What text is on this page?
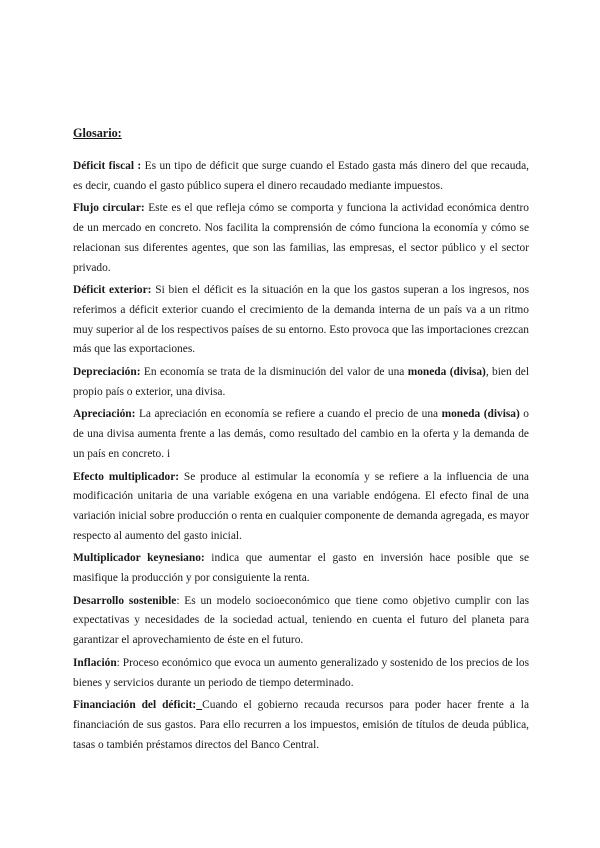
Glosario:

Déficit fiscal : Es un tipo de déficit que surge cuando el Estado gasta más dinero del que recauda, es decir, cuando el gasto público supera el dinero recaudado mediante impuestos.

Flujo circular: Este es el que refleja cómo se comporta y funciona la actividad económica dentro de un mercado en concreto. Nos facilita la comprensión de cómo funciona la economía y cómo se relacionan sus diferentes agentes, que son las familias, las empresas, el sector público y el sector privado.

Déficit exterior: Si bien el déficit es la situación en la que los gastos superan a los ingresos, nos referimos a déficit exterior cuando el crecimiento de la demanda interna de un país va a un ritmo muy superior al de los respectivos países de su entorno. Esto provoca que las importaciones crezcan más que las exportaciones.

Depreciación: En economía se trata de la disminución del valor de una moneda (divisa), bien del propio país o exterior, una divisa.

Apreciación: La apreciación en economía se refiere a cuando el precio de una moneda (divisa) o de una divisa aumenta frente a las demás, como resultado del cambio en la oferta y la demanda de un país en concreto. i

Efecto multiplicador: Se produce al estimular la economía y se refiere a la influencia de una modificación unitaria de una variable exógena en una variable endógena. El efecto final de una variación inicial sobre producción o renta en cualquier componente de demanda agregada, es mayor respecto al aumento del gasto inicial.

Multiplicador keynesiano: indica que aumentar el gasto en inversión hace posible que se masifique la producción y por consiguiente la renta.

Desarrollo sostenible: Es un modelo socioeconómico que tiene como objetivo cumplir con las expectativas y necesidades de la sociedad actual, teniendo en cuenta el futuro del planeta para garantizar el aprovechamiento de éste en el futuro.

Inflación: Proceso económico que evoca un aumento generalizado y sostenido de los precios de los bienes y servicios durante un periodo de tiempo determinado.

Financiación del déficit: Cuando el gobierno recauda recursos para poder hacer frente a la financiación de sus gastos. Para ello recurren a los impuestos, emisión de títulos de deuda pública, tasas o también préstamos directos del Banco Central.
